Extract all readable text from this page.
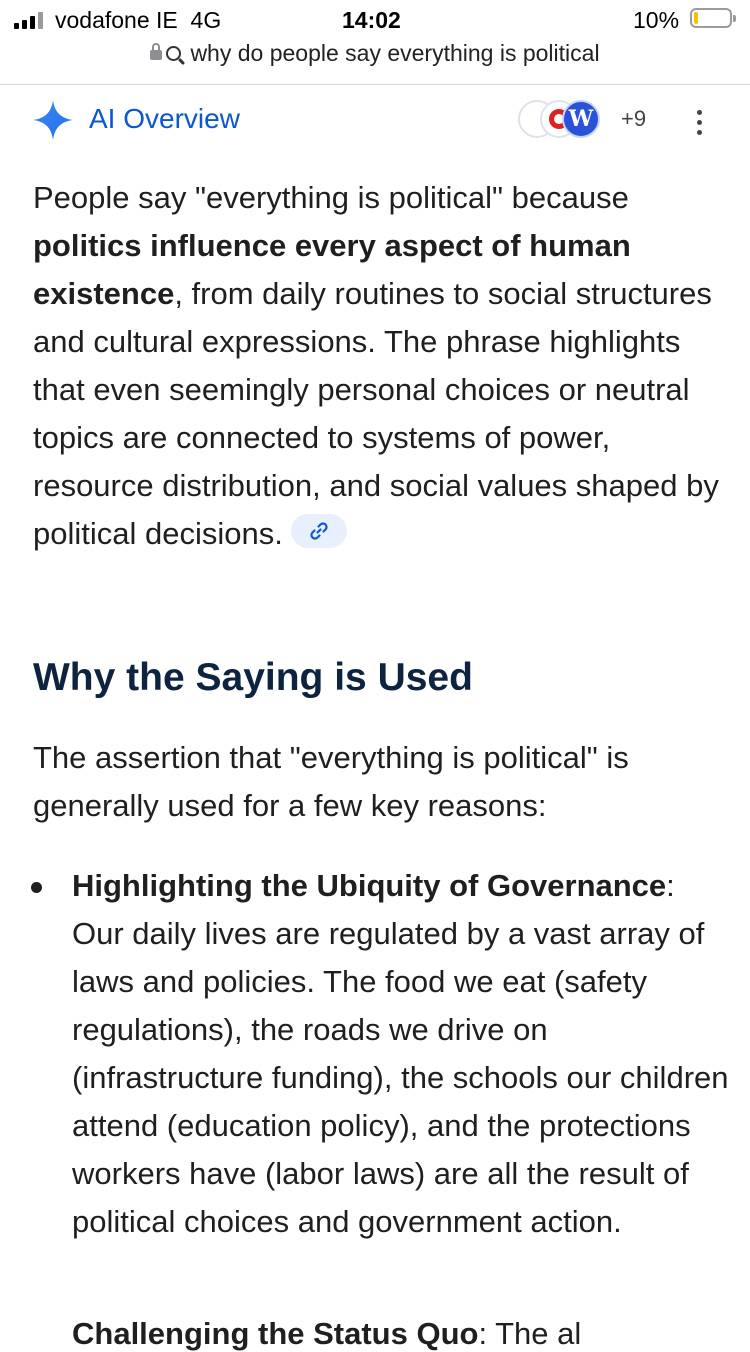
vodafone IE  4G	14:02	10%
why do people say everything is political
AI Overview	W	+9
People say "everything is political" because politics influence every aspect of human existence, from daily routines to social structures and cultural expressions. The phrase highlights that even seemingly personal choices or neutral topics are connected to systems of power, resource distribution, and social values shaped by political decisions.
Why the Saying is Used
The assertion that "everything is political" is generally used for a few key reasons:
Highlighting the Ubiquity of Governance: Our daily lives are regulated by a vast array of laws and policies. The food we eat (safety regulations), the roads we drive on (infrastructure funding), the schools our children attend (education policy), and the protections workers have (labor laws) are all the result of political choices and government action.
Challenging the Status Quo: The al
